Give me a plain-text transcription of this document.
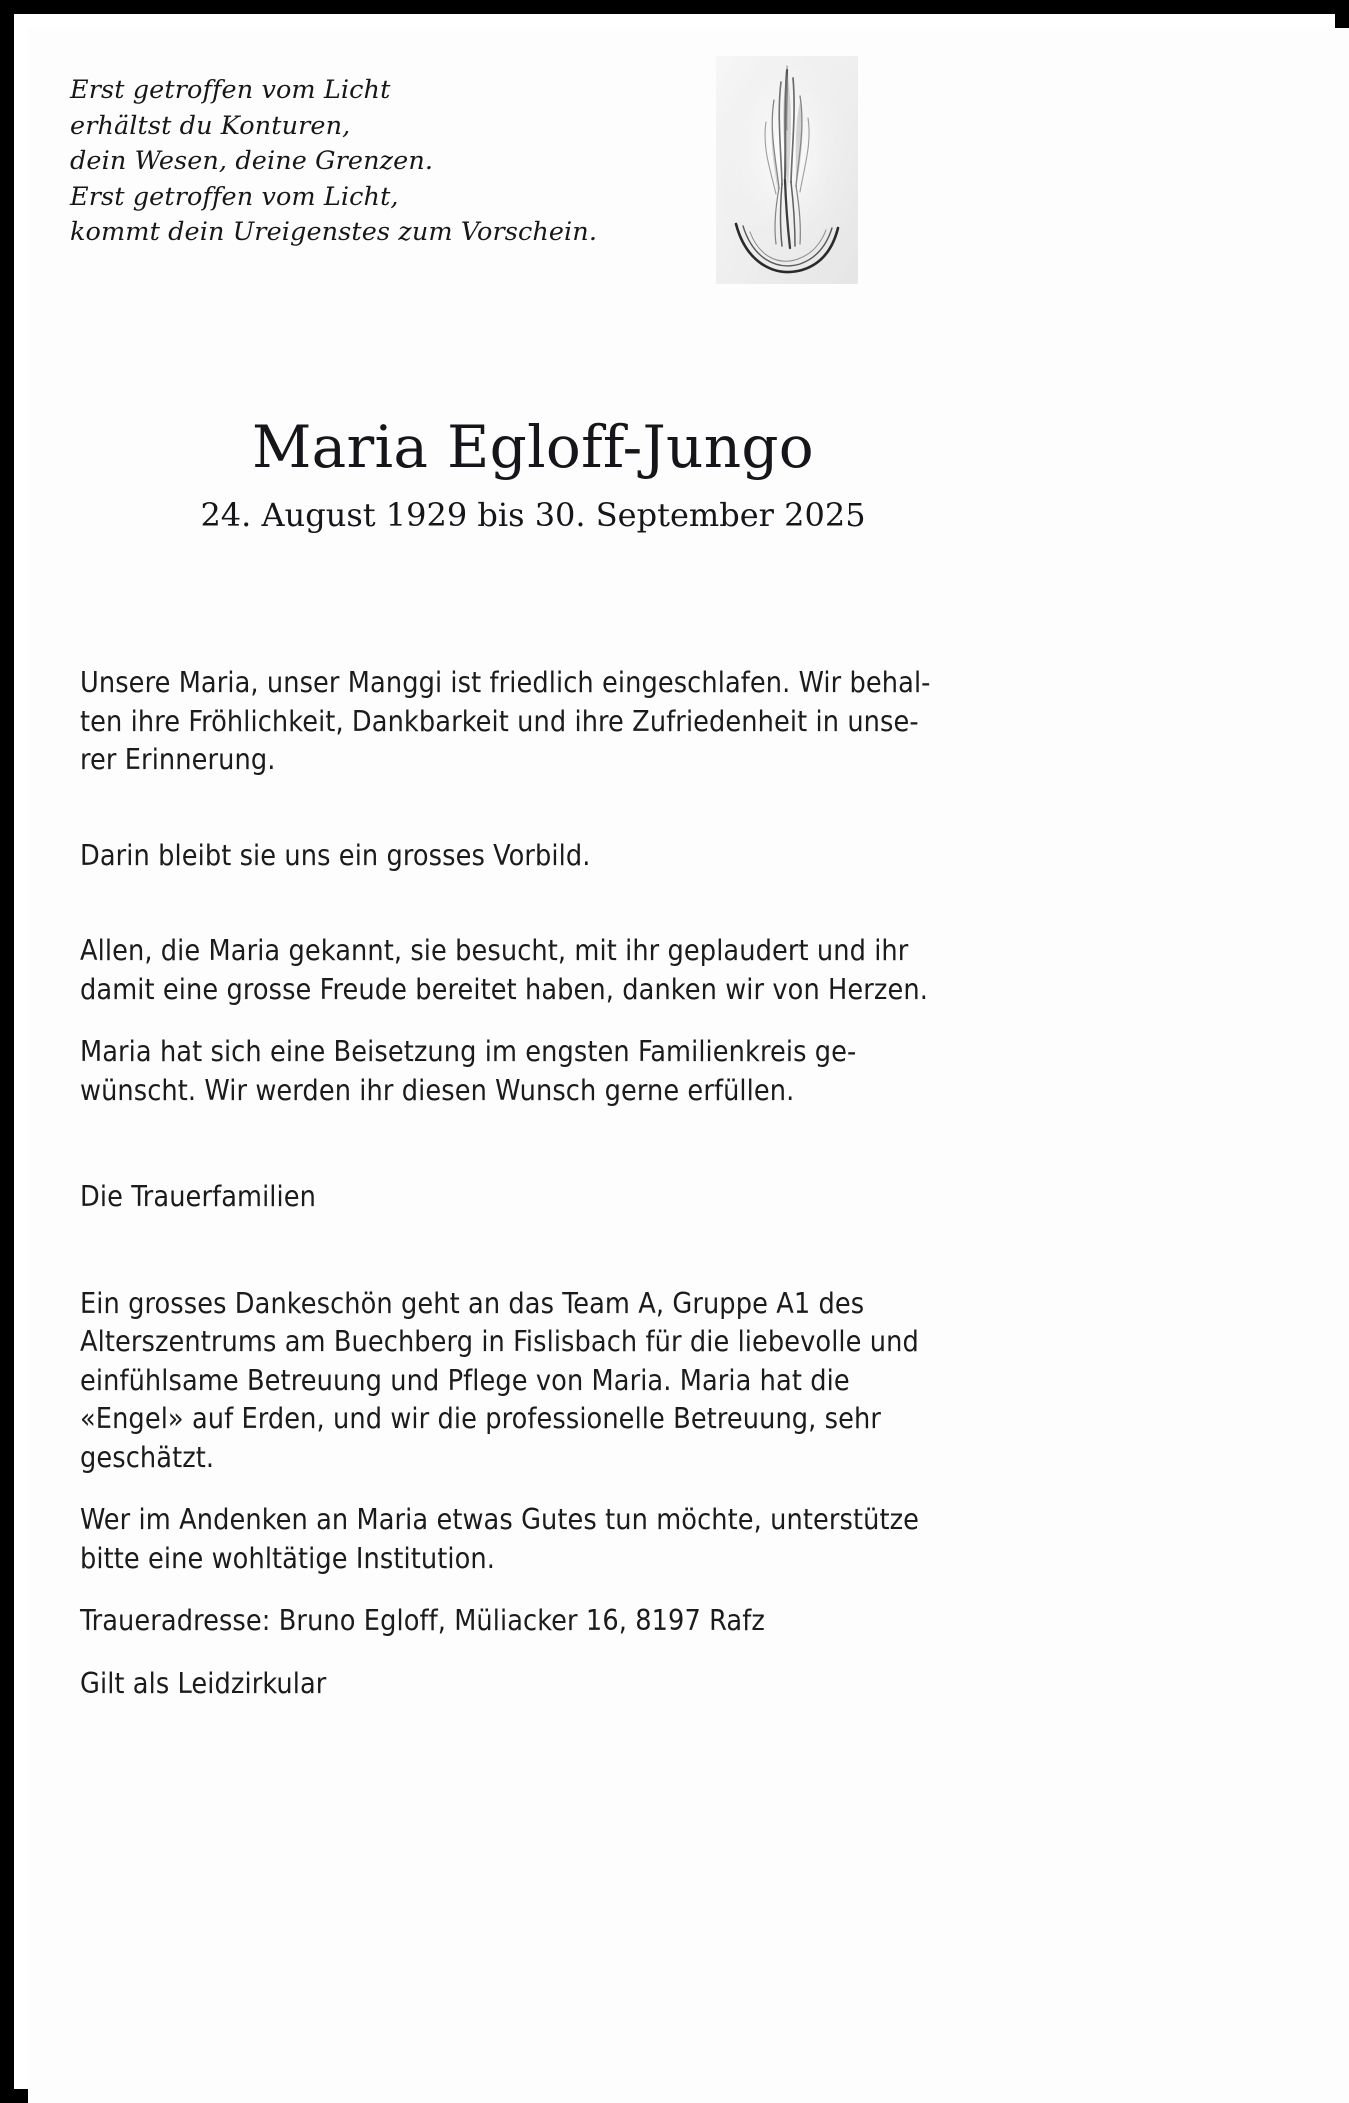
Erst getroffen vom Licht
erhältst du Konturen,
dein Wesen, deine Grenzen.
Erst getroffen vom Licht,
kommt dein Ureigenstes zum Vorschein.
Maria Egloff-Jungo
24. August 1929 bis 30. September 2025

Unsere Maria, unser Manggi ist friedlich eingeschlafen. Wir behal-
ten ihre Fröhlichkeit, Dankbarkeit und ihre Zufriedenheit in unse-
rer Erinnerung.

Darin bleibt sie uns ein grosses Vorbild.

Allen, die Maria gekannt, sie besucht, mit ihr geplaudert und ihr
damit eine grosse Freude bereitet haben, danken wir von Herzen.

Maria hat sich eine Beisetzung im engsten Familienkreis ge-
wünscht. Wir werden ihr diesen Wunsch gerne erfüllen.

Die Trauerfamilien

Ein grosses Dankeschön geht an das Team A, Gruppe A1 des
Alterszentrums am Buechberg in Fislisbach für die liebevolle und
einfühlsame Betreuung und Pflege von Maria. Maria hat die
«Engel» auf Erden, und wir die professionelle Betreuung, sehr
geschätzt.

Wer im Andenken an Maria etwas Gutes tun möchte, unterstütze
bitte eine wohltätige Institution.

Traueradresse: Bruno Egloff, Müliacker 16, 8197 Rafz

Gilt als Leidzirkular
